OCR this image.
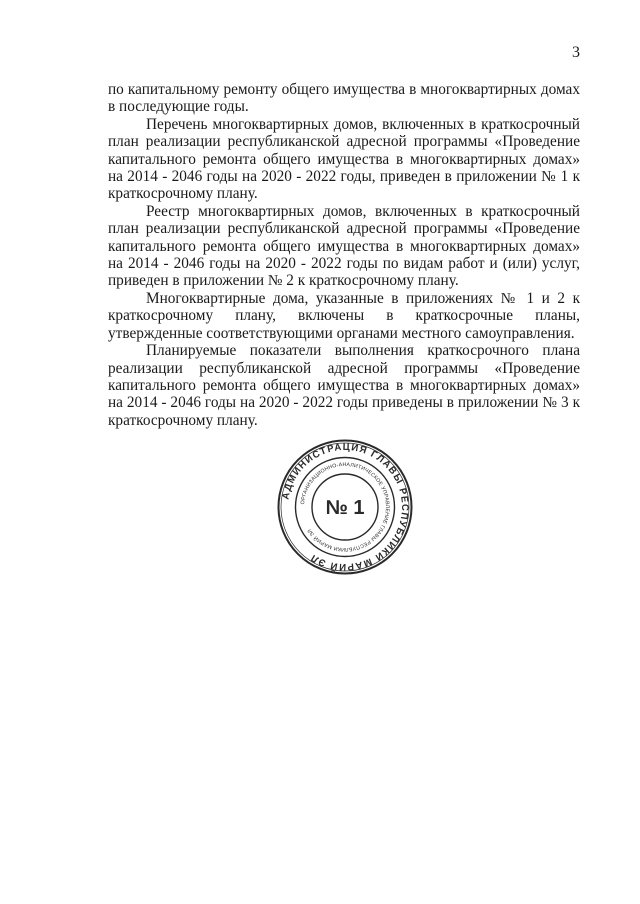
3

по капитальному ремонту общего имущества в многоквартирных домах в последующие годы.

Перечень многоквартирных домов, включенных в краткосрочный план реализации республиканской адресной программы «Проведение капитального ремонта общего имущества в многоквартирных домах» на 2014 - 2046 годы на 2020 - 2022 годы, приведен в приложении № 1 к краткосрочному плану.

Реестр многоквартирных домов, включенных в краткосрочный план реализации республиканской адресной программы «Проведение капитального ремонта общего имущества в многоквартирных домах» на 2014 - 2046 годы на 2020 - 2022 годы по видам работ и (или) услуг, приведен в приложении № 2 к краткосрочному плану.

Многоквартирные дома, указанные в приложениях № 1 и 2 к краткосрочному плану, включены в краткосрочные планы, утвержденные соответствующими органами местного самоуправления.

Планируемые показатели выполнения краткосрочного плана реализации республиканской адресной программы «Проведение капитального ремонта общего имущества в многоквартирных домах» на 2014 - 2046 годы на 2020 - 2022 годы приведены в приложении № 3 к краткосрочному плану.

АДМИНИСТРАЦИЯ ГЛАВЫ РЕСПУБЛИКИ МАРИЙ ЭЛ
ОРГАНИЗАЦИОННО-АНАЛИТИЧЕСКОЕ УПРАВЛЕНИЕ ГЛАВЫ РЕСПУБЛИКИ МАРИЙ ЭЛ
№ 1
